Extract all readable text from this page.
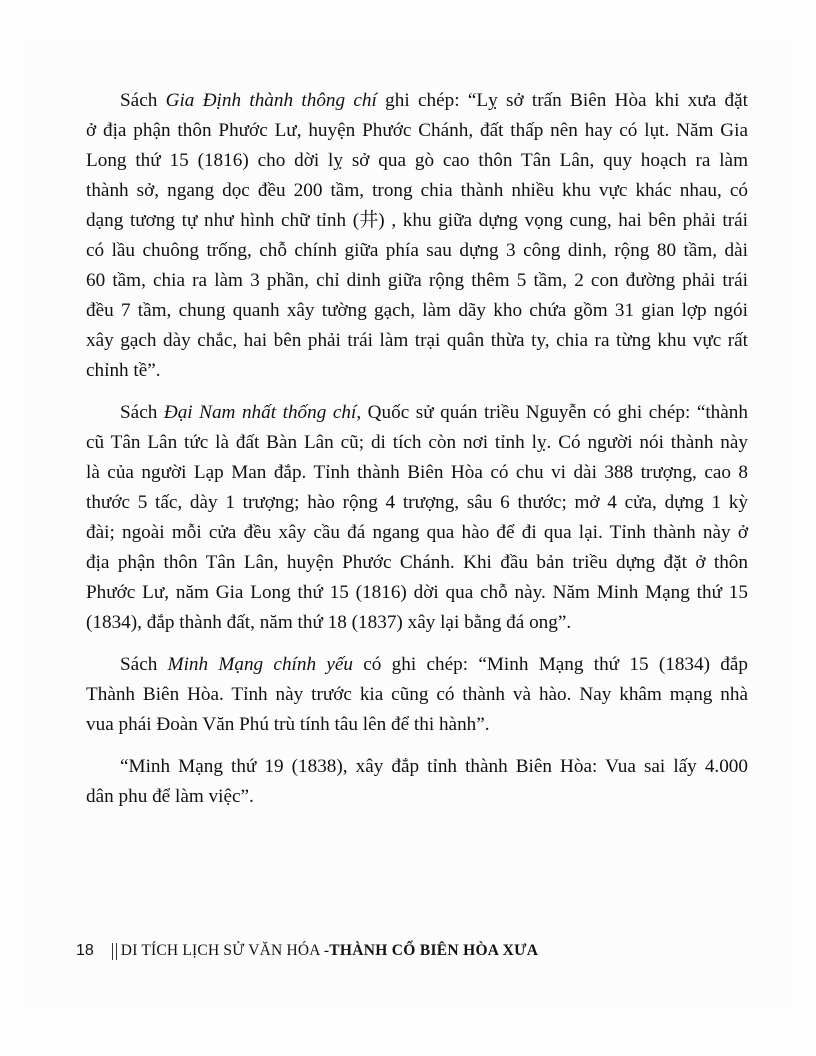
Sách Gia Định thành thông chí ghi chép: “Lỵ sở trấn Biên Hòa khi xưa đặt
ở địa phận thôn Phước Lư, huyện Phước Chánh, đất thấp nên hay có lụt. Năm Gia
Long thứ 15 (1816) cho dời lỵ sở qua gò cao thôn Tân Lân, quy hoạch ra làm
thành sở, ngang dọc đều 200 tầm, trong chia thành nhiều khu vực khác nhau, có
dạng tương tự như hình chữ tỉnh (井) , khu giữa dựng vọng cung, hai bên phải trái
có lầu chuông trống, chỗ chính giữa phía sau dựng 3 công dinh, rộng 80 tầm, dài
60 tầm, chia ra làm 3 phần, chỉ dinh giữa rộng thêm 5 tầm, 2 con đường phải trái
đều 7 tầm, chung quanh xây tường gạch, làm dãy kho chứa gồm 31 gian lợp ngói
xây gạch dày chắc, hai bên phải trái làm trại quân thừa ty, chia ra từng khu vực rất
chỉnh tề”.
Sách Đại Nam nhất thống chí, Quốc sử quán triều Nguyễn có ghi chép: “thành
cũ Tân Lân tức là đất Bàn Lân cũ; di tích còn nơi tỉnh lỵ. Có người nói thành này
là của người Lạp Man đắp. Tỉnh thành Biên Hòa có chu vi dài 388 trượng, cao 8
thước 5 tấc, dày 1 trượng; hào rộng 4 trượng, sâu 6 thước; mở 4 cửa, dựng 1 kỳ
đài; ngoài mỗi cửa đều xây cầu đá ngang qua hào để đi qua lại. Tỉnh thành này ở
địa phận thôn Tân Lân, huyện Phước Chánh. Khi đầu bản triều dựng đặt ở thôn
Phước Lư, năm Gia Long thứ 15 (1816) dời qua chỗ này. Năm Minh Mạng thứ 15
(1834), đắp thành đất, năm thứ 18 (1837) xây lại bằng đá ong”.
Sách Minh Mạng chính yếu có ghi chép: “Minh Mạng thứ 15 (1834) đắp
Thành Biên Hòa. Tỉnh này trước kia cũng có thành và hào. Nay khâm mạng nhà
vua phái Đoàn Văn Phú trù tính tâu lên để thi hành”.
“Minh Mạng thứ 19 (1838), xây đắp tỉnh thành Biên Hòa: Vua sai lấy 4.000
dân phu để làm việc”.
18 DI TÍCH LỊCH SỬ VĂN HÓA - THÀNH CỔ BIÊN HÒA XƯA
